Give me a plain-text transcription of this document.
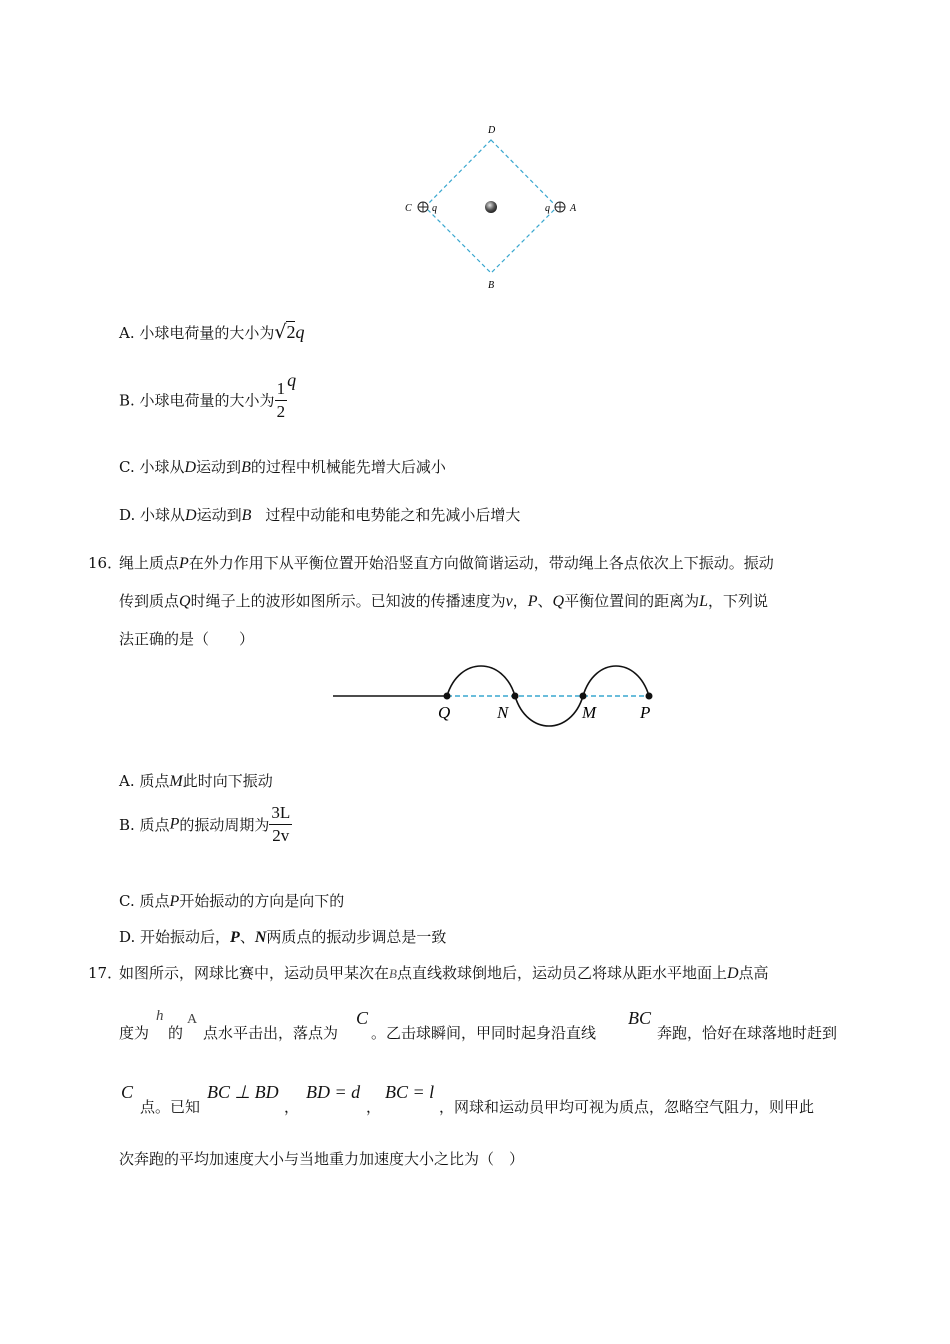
D
B
C q	q A
A. 小球电荷量的大小为√2q
B. 小球电荷量的大小为 $\frac{1}{2}$ q
C. 小球从D运动到B的过程中机械能先增大后减小
D. 小球从D运动到B 过程中动能和电势能之和先减小后增大
16．
绳上质点P在外力作用下从平衡位置开始沿竖直方向做简谐运动，带动绳上各点依次上下振动。振动
传到质点Q时绳子上的波形如图所示。已知波的传播速度为v，P、Q平衡位置间的距离为L，下列说
法正确的是（　　）
Q	N	M	P
A. 质点M此时向下振动
B. 质点P的振动周期为 $\frac{3L}{2v}$
C. 质点P开始振动的方向是向下的
D. 开始振动后，P、N两质点的振动步调总是一致
17．
如图所示，网球比赛中，运动员甲某次在B点直线救球倒地后，运动员乙将球从距水平地面上D点高
度为
h
的
A
点水平击出，落点为
C
。乙击球瞬间，甲同时起身沿直线
BC
奔跑，恰好在球落地时赶到
C
点。已知
BC ⊥ BD
，
BD = d
，
BC = l
，网球和运动员甲均可视为质点，忽略空气阻力，则甲此
次奔跑的平均加速度大小与当地重力加速度大小之比为（　）
